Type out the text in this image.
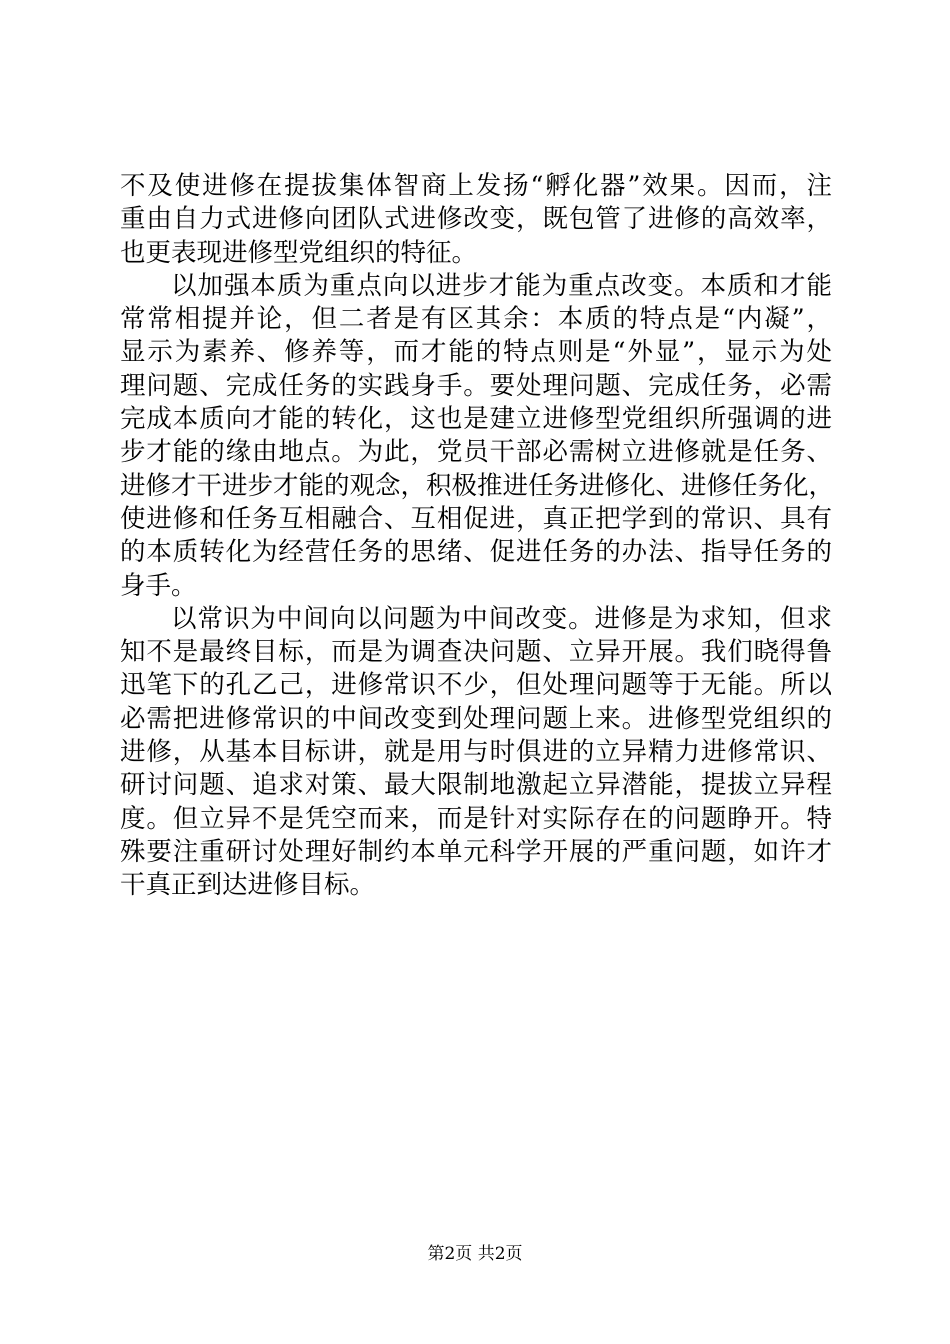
不及使进修在提拔集体智商上发扬“孵化器”效果。因而，注
重由自力式进修向团队式进修改变，既包管了进修的高效率，
也更表现进修型党组织的特征。
以加强本质为重点向以进步才能为重点改变。本质和才能
常常相提并论，但二者是有区其余：本质的特点是“内凝”，
显示为素养、修养等，而才能的特点则是“外显”，显示为处
理问题、完成任务的实践身手。要处理问题、完成任务，必需
完成本质向才能的转化，这也是建立进修型党组织所强调的进
步才能的缘由地点。为此，党员干部必需树立进修就是任务、
进修才干进步才能的观念，积极推进任务进修化、进修任务化，
使进修和任务互相融合、互相促进，真正把学到的常识、具有
的本质转化为经营任务的思绪、促进任务的办法、指导任务的
身手。
以常识为中间向以问题为中间改变。进修是为求知，但求
知不是最终目标，而是为调查决问题、立异开展。我们晓得鲁
迅笔下的孔乙己，进修常识不少，但处理问题等于无能。所以
必需把进修常识的中间改变到处理问题上来。进修型党组织的
进修，从基本目标讲，就是用与时俱进的立异精力进修常识、
研讨问题、追求对策、最大限制地激起立异潜能，提拔立异程
度。但立异不是凭空而来，而是针对实际存在的问题睁开。特
殊要注重研讨处理好制约本单元科学开展的严重问题，如许才
干真正到达进修目标。
第2页 共2页
